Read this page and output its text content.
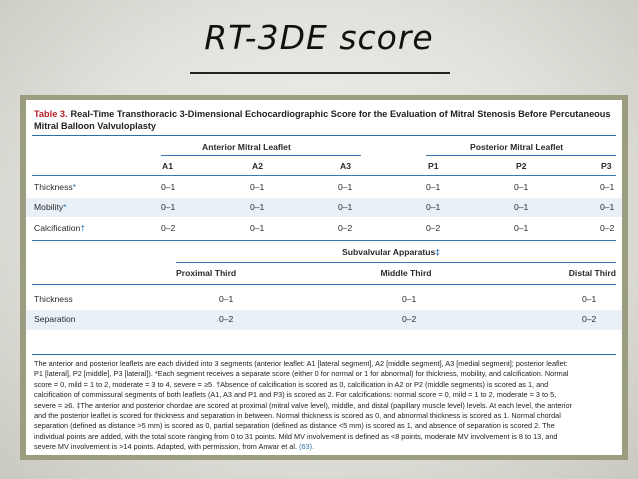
RT-3DE score
Table 3. Real-Time Transthoracic 3-Dimensional Echocardiographic Score for the Evaluation of Mitral Stenosis Before Percutaneous Mitral Balloon Valvuloplasty
Anterior Mitral Leaflet	Posterior Mitral Leaflet
A1	A2	A3	P1	P2	P3
Thickness*	0–1	0–1	0–1	0–1	0–1	0–1
Mobility*	0–1	0–1	0–1	0–1	0–1	0–1
Calcification†	0–2	0–1	0–2	0–2	0–1	0–2
Subvalvular Apparatus‡
Proximal Third	Middle Third	Distal Third
Thickness	0–1	0–1	0–1
Separation	0–2	0–2	0–2
The anterior and posterior leaflets are each divided into 3 segments (anterior leaflet: A1 [lateral segment], A2 [middle segment], A3 [medial segment]; posterior leaflet:
P1 [lateral], P2 [middle], P3 [lateral]). *Each segment receives a separate score (either 0 for normal or 1 for abnormal) for thickness, mobility, and calcification. Normal
score = 0, mild = 1 to 2, moderate = 3 to 4, severe = ≥5. †Absence of calcification is scored as 0, calcification in A2 or P2 (middle segments) is scored as 1, and
calcification of commissural segments of both leaflets (A1, A3 and P1 and P3) is scored as 2. For calcifications: normal score = 0, mild = 1 to 2, moderate = 3 to 5,
severe = ≥6. ‡The anterior and posterior chordae are scored at proximal (mitral valve level), middle, and distal (papillary muscle level) levels. At each level, the anterior
and the posterior leaflet is scored for thickness and separation in between. Normal thickness is scored as 0, and abnormal thickness is scored as 1. Normal chordal
separation (defined as distance >5 mm) is scored as 0, partial separation (defined as distance <5 mm) is scored as 1, and absence of separation is scored 2. The
individual points are added, with the total score ranging from 0 to 31 points. Mild MV involvement is defined as <8 points, moderate MV involvement is 8 to 13, and
severe MV involvement is >14 points. Adapted, with permission, from Anwar et al. (63).
